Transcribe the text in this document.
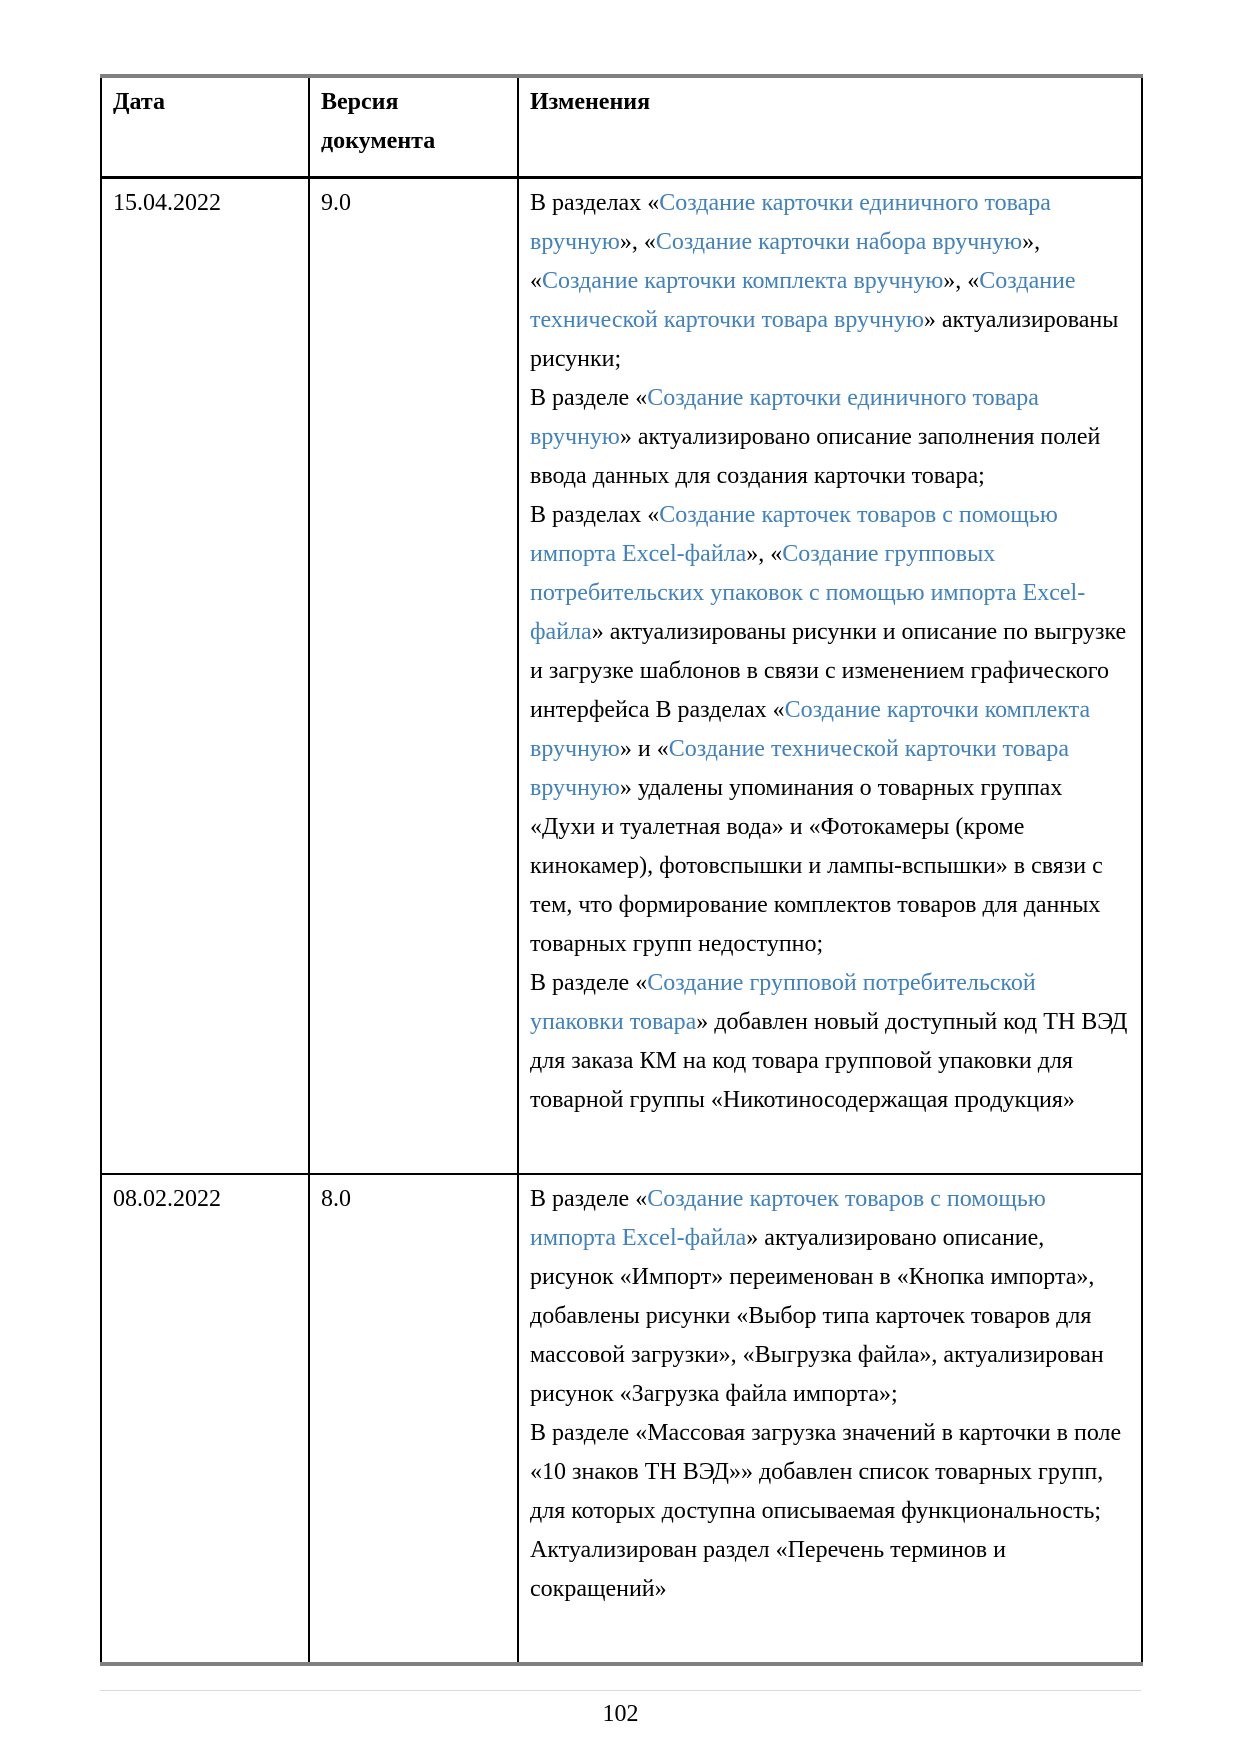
Дата	Версия документа	Изменения
15.04.2022	9.0	В разделах «Создание карточки единичного товара вручную», «Создание карточки набора вручную», «Создание карточки комплекта вручную», «Создание технической карточки товара вручную» актуализированы рисунки;
В разделе «Создание карточки единичного товара вручную» актуализировано описание заполнения полей ввода данных для создания карточки товара;
В разделах «Создание карточек товаров с помощью импорта Excel-файла», «Создание групповых потребительских упаковок с помощью импорта Excel-файла» актуализированы рисунки и описание по выгрузке и загрузке шаблонов в связи с изменением графического интерфейса В разделах «Создание карточки комплекта вручную» и «Создание технической карточки товара вручную» удалены упоминания о товарных группах «Духи и туалетная вода» и «Фотокамеры (кроме кинокамер), фотовспышки и лампы-вспышки» в связи с тем, что формирование комплектов товаров для данных товарных групп недоступно;
В разделе «Создание групповой потребительской упаковки товара» добавлен новый доступный код ТН ВЭД для заказа КМ на код товара групповой упаковки для товарной группы «Никотиносодержащая продукция»

08.02.2022	8.0	В разделе «Создание карточек товаров с помощью импорта Excel-файла» актуализировано описание, рисунок «Импорт» переименован в «Кнопка импорта», добавлены рисунки «Выбор типа карточек товаров для массовой загрузки», «Выгрузка файла», актуализирован рисунок «Загрузка файла импорта»;
В разделе «Массовая загрузка значений в карточки в поле «10 знаков ТН ВЭД»» добавлен список товарных групп, для которых доступна описываемая функциональность;
Актуализирован раздел «Перечень терминов и сокращений»
102
